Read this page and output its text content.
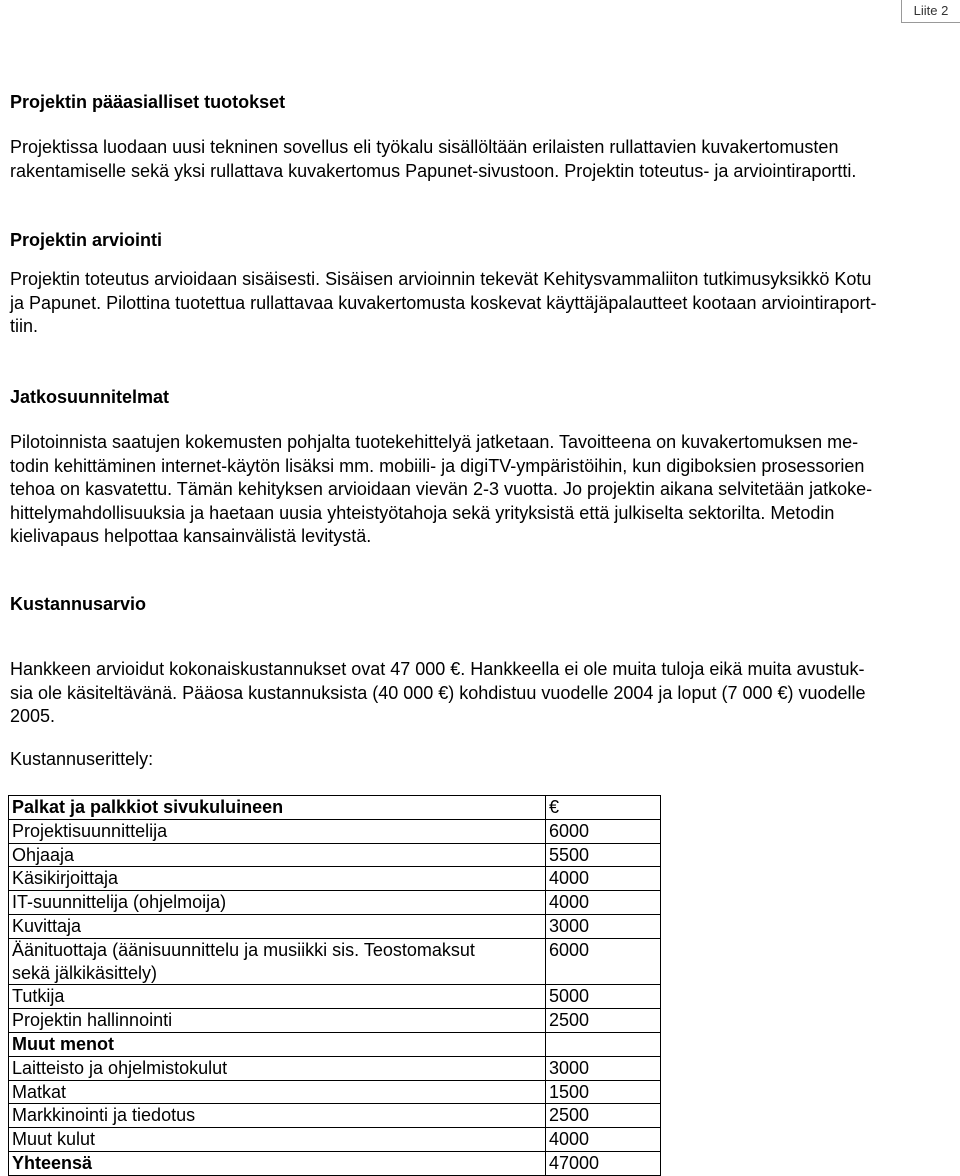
Liite 2
Projektin pääasialliset tuotokset
Projektissa luodaan uusi tekninen sovellus eli työkalu sisällöltään erilaisten rullattavien kuvakertomusten
rakentamiselle sekä yksi rullattava kuvakertomus Papunet-sivustoon. Projektin toteutus- ja arviointiraportti.
Projektin arviointi
Projektin toteutus arvioidaan sisäisesti. Sisäisen arvioinnin tekevät Kehitysvammaliiton tutkimusyksikkö Kotu
ja Papunet. Pilottina tuotettua rullattavaa kuvakertomusta koskevat käyttäjäpalautteet kootaan arviointiraport-
tiin.
Jatkosuunnitelmat
Pilotoinnista saatujen kokemusten pohjalta tuotekehittelyä jatketaan. Tavoitteena on kuvakertomuksen me-
todin kehittäminen internet-käytön lisäksi mm. mobiili- ja digiTV-ympäristöihin, kun digiboksien prosessorien
tehoa on kasvatettu. Tämän kehityksen arvioidaan vievän 2-3 vuotta. Jo projektin aikana selvitetään jatkoke-
hittelymahdollisuuksia ja haetaan uusia yhteistyötahoja sekä yrityksistä että julkiselta sektorilta. Metodin
kielivapaus helpottaa kansainvälistä levitystä.
Kustannusarvio
Hankkeen arvioidut kokonaiskustannukset ovat 47 000 €. Hankkeella ei ole muita tuloja eikä muita avustuk-
sia ole käsiteltävänä. Pääosa kustannuksista (40 000 €) kohdistuu vuodelle 2004 ja loput (7 000 €) vuodelle
2005.
Kustannuserittely:
Palkat ja palkkiot sivukuluineen	€
Projektisuunnittelija	6000
Ohjaaja	5500
Käsikirjoittaja	4000
IT-suunnittelija (ohjelmoija)	4000
Kuvittaja	3000

Äänituottaja (äänisuunnittelu ja musiikki sis. Teostomaksut
sekä jälkikäsittely)	6000
Tutkija	5000
Projektin hallinnointi	2500
Muut menot	
Laitteisto ja ohjelmistokulut	3000
Matkat	1500
Markkinointi ja tiedotus	2500
Muut kulut	4000
Yhteensä	47000
